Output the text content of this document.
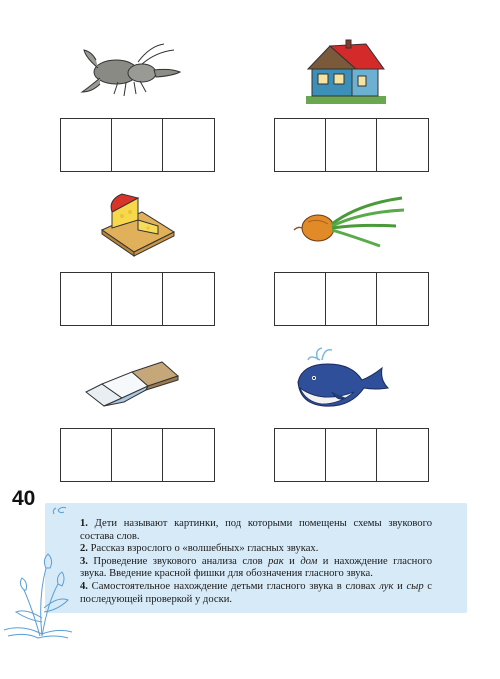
40
1. Дети называют картинки, под которыми помещены схемы звукового состава слов.
2. Рассказ взрослого о «волшебных» гласных звуках.
3. Проведение звукового анализа слов рак и дом и нахождение гласного звука. Введение красной фишки для обозначения гласного звука.
4. Самостоятельное нахождение детьми гласного звука в словах лук и сыр с последующей проверкой у доски.
